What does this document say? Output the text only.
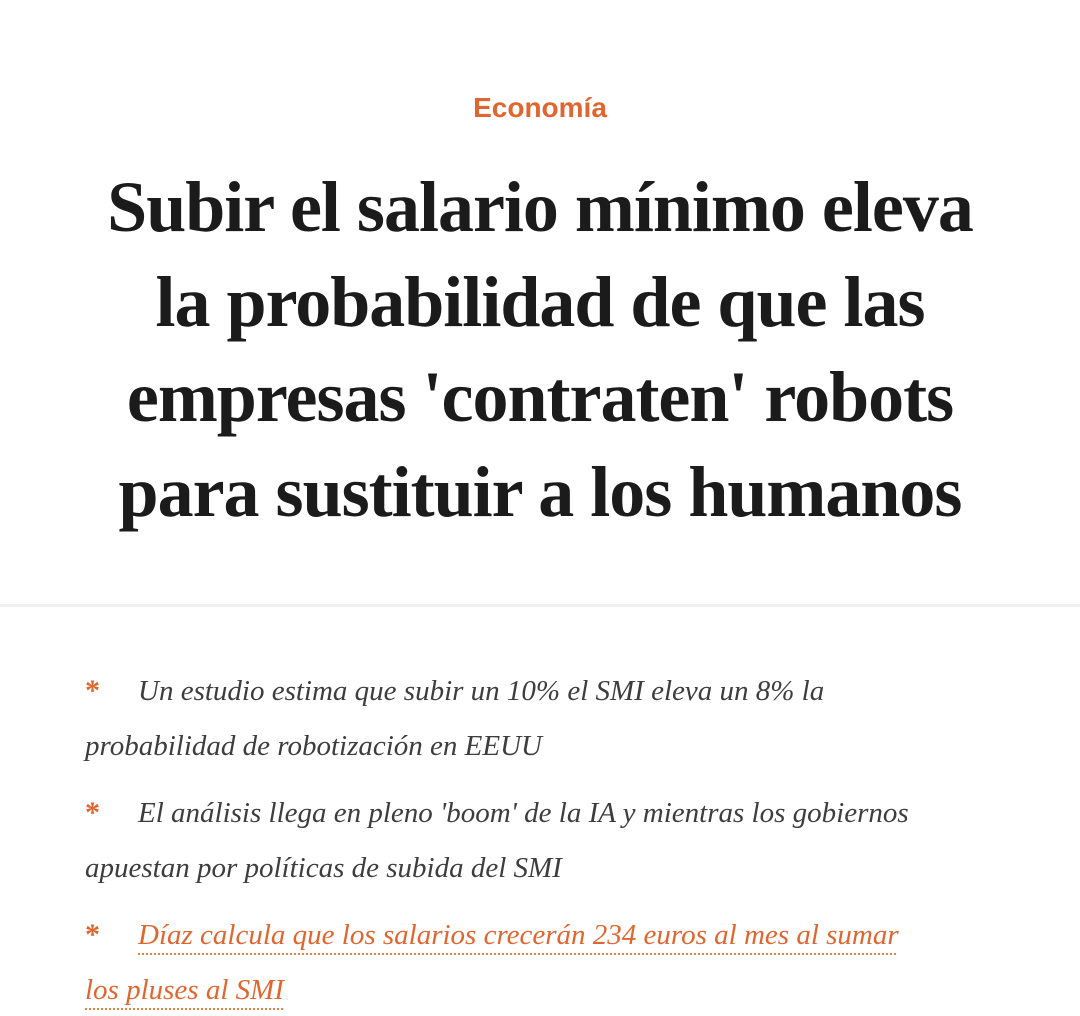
Economía
Subir el salario mínimo eleva
la probabilidad de que las
empresas 'contraten' robots
para sustituir a los humanos

* Un estudio estima que subir un 10% el SMI eleva un 8% la
probabilidad de robotización en EEUU

* El análisis llega en pleno 'boom' de la IA y mientras los gobiernos
apuestan por políticas de subida del SMI

* Díaz calcula que los salarios crecerán 234 euros al mes al sumar
los pluses al SMI
